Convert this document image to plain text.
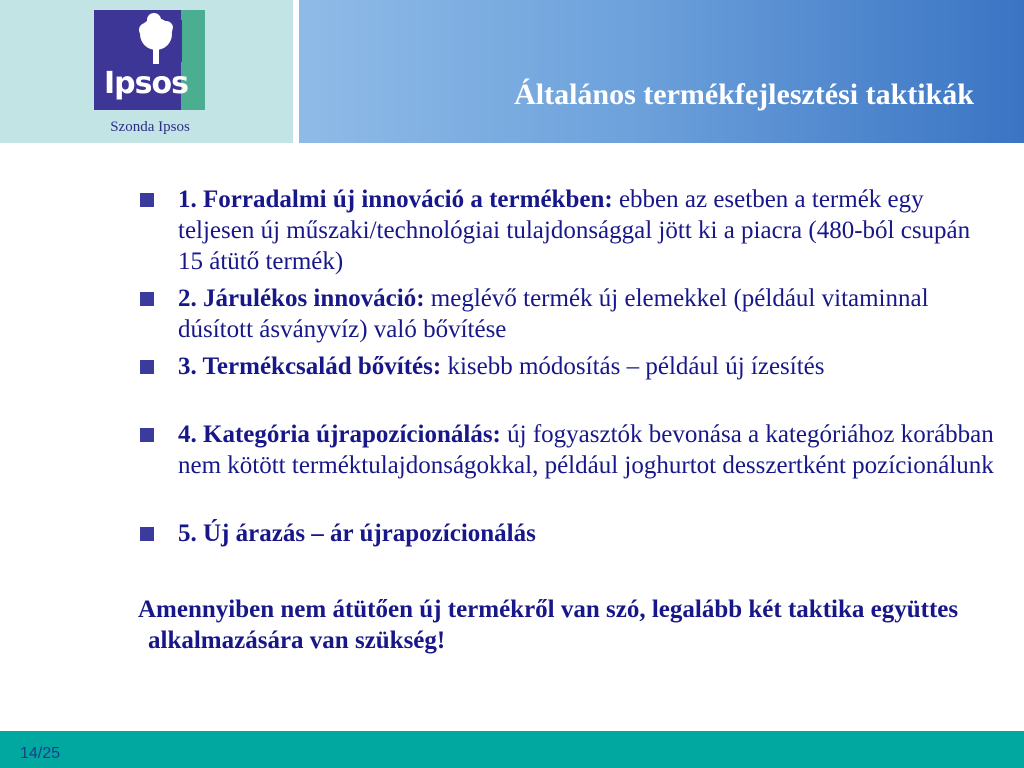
Ipsos
Szonda Ipsos
Általános termékfejlesztési taktikák
1. Forradalmi új innováció a termékben: ebben az esetben a termék egy teljesen új műszaki/technológiai tulajdonsággal jött ki a piacra (480-ból csupán 15 átütő termék)
2. Járulékos innováció: meglévő termék új elemekkel (például vitaminnal dúsított ásványvíz) való bővítése
3. Termékcsalád bővítés: kisebb módosítás – például új ízesítés
4. Kategória újrapozícionálás: új fogyasztók bevonása a kategóriához korábban nem kötött terméktulajdonságokkal, például joghurtot desszertként pozícionálunk
5. Új árazás – ár újrapozícionálás
Amennyiben nem átütően új termékről van szó, legalább két taktika együttes alkalmazására van szükség!
14/25
